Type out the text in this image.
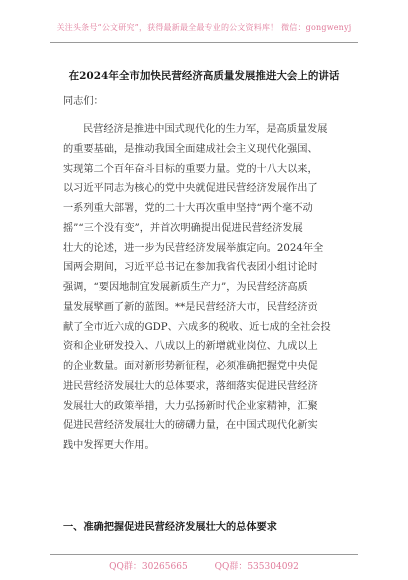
关注头条号“公文研究”，获得最新最全最专业的公文资料库！ 微信：gongwenyj
在2024年全市加快民营经济高质量发展推进大会上的讲话
同志们：
民营经济是推进中国式现代化的生力军，是高质量发展
的重要基础，是推动我国全面建成社会主义现代化强国、
实现第二个百年奋斗目标的重要力量。党的十八大以来，
以习近平同志为核心的党中央就促进民营经济发展作出了
一系列重大部署，党的二十大再次重申坚持“两个毫不动
摇”“三个没有变”，并首次明确提出促进民营经济发展
壮大的论述，进一步为民营经济发展举旗定向。2024年全
国两会期间，习近平总书记在参加我省代表团小组讨论时
强调，“要因地制宜发展新质生产力”，为民营经济高质
量发展擘画了新的蓝图。**是民营经济大市，民营经济贡
献了全市近六成的GDP、六成多的税收、近七成的全社会投
资和企业研发投入、八成以上的新增就业岗位、九成以上
的企业数量。面对新形势新征程，必须准确把握党中央促
进民营经济发展壮大的总体要求，落细落实促进民营经济
发展壮大的政策举措，大力弘扬新时代企业家精神，汇聚
促进民营经济发展壮大的磅礴力量，在中国式现代化新实
践中发挥更大作用。
一、准确把握促进民营经济发展壮大的总体要求
QQ群：30265665	QQ群：535304092
